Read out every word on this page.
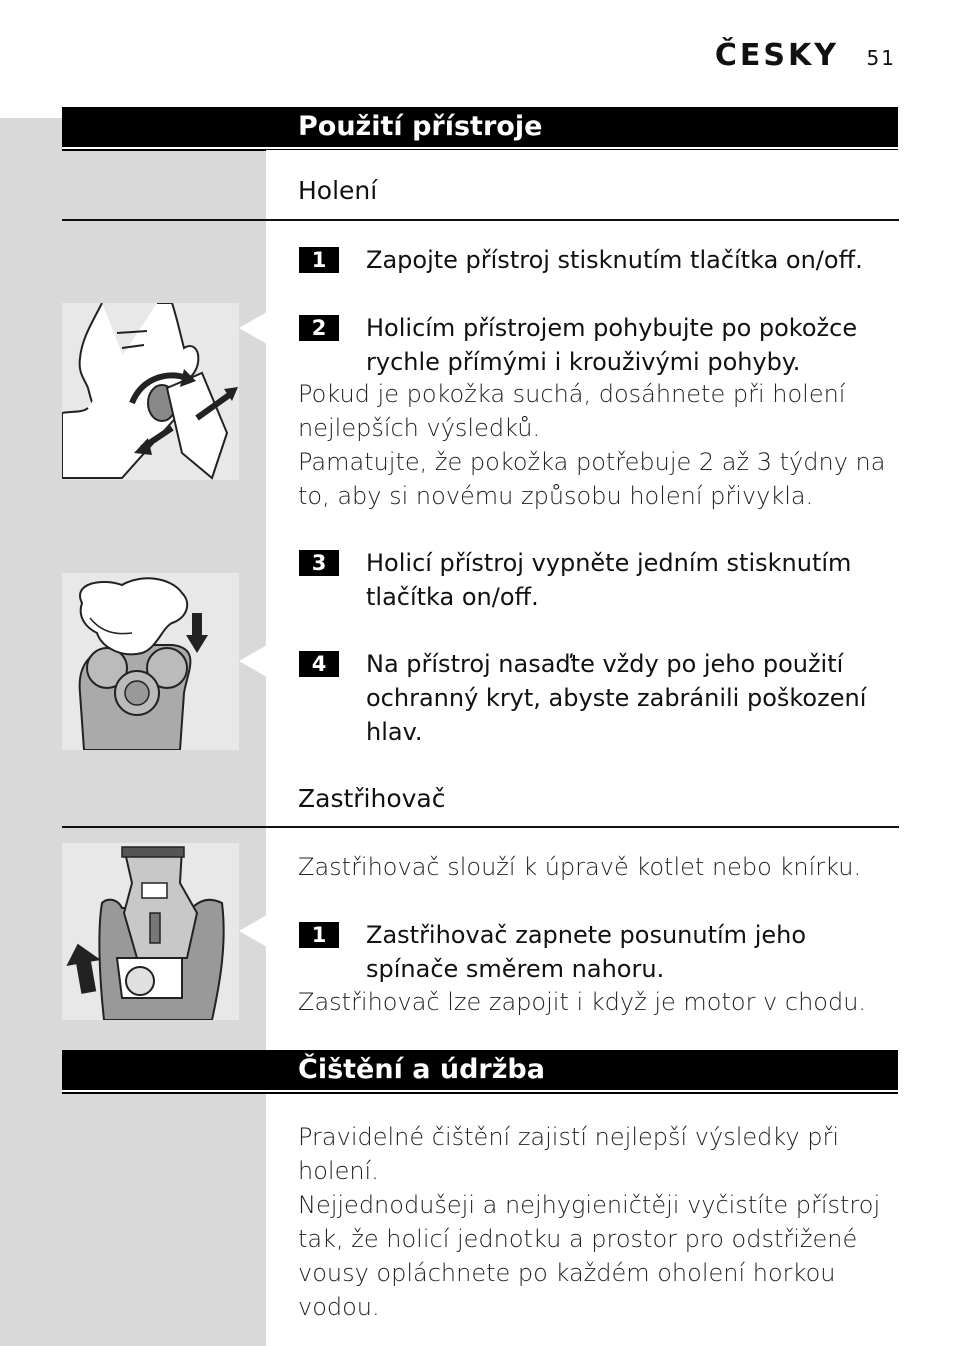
ČESKY 51
Použití přístroje
Holení
1	Zapojte přístroj stisknutím tlačítka on/off.
2	Holicím přístrojem pohybujte po pokožce rychle přímými i krouživými pohyby.
Pokud je pokožka suchá, dosáhnete při holení nejlepších výsledků.
Pamatujte, že pokožka potřebuje 2 až 3 týdny na to, aby si novému způsobu holení přivykla.
3	Holicí přístroj vypněte jedním stisknutím tlačítka on/off.
4	Na přístroj nasaďte vždy po jeho použití ochranný kryt, abyste zabránili poškození hlav.
Zastřihovač
Zastřihovač slouží k úpravě kotlet nebo knírku.
1	Zastřihovač zapnete posunutím jeho spínače směrem nahoru.
Zastřihovač lze zapojit i když je motor v chodu.
Čištění a údržba
Pravidelné čištění zajistí nejlepší výsledky při holení.
Nejjednodušeji a nejhygieničtěji vyčistíte přístroj tak, že holicí jednotku a prostor pro odstřižené vousy opláchnete po každém oholení horkou vodou.
